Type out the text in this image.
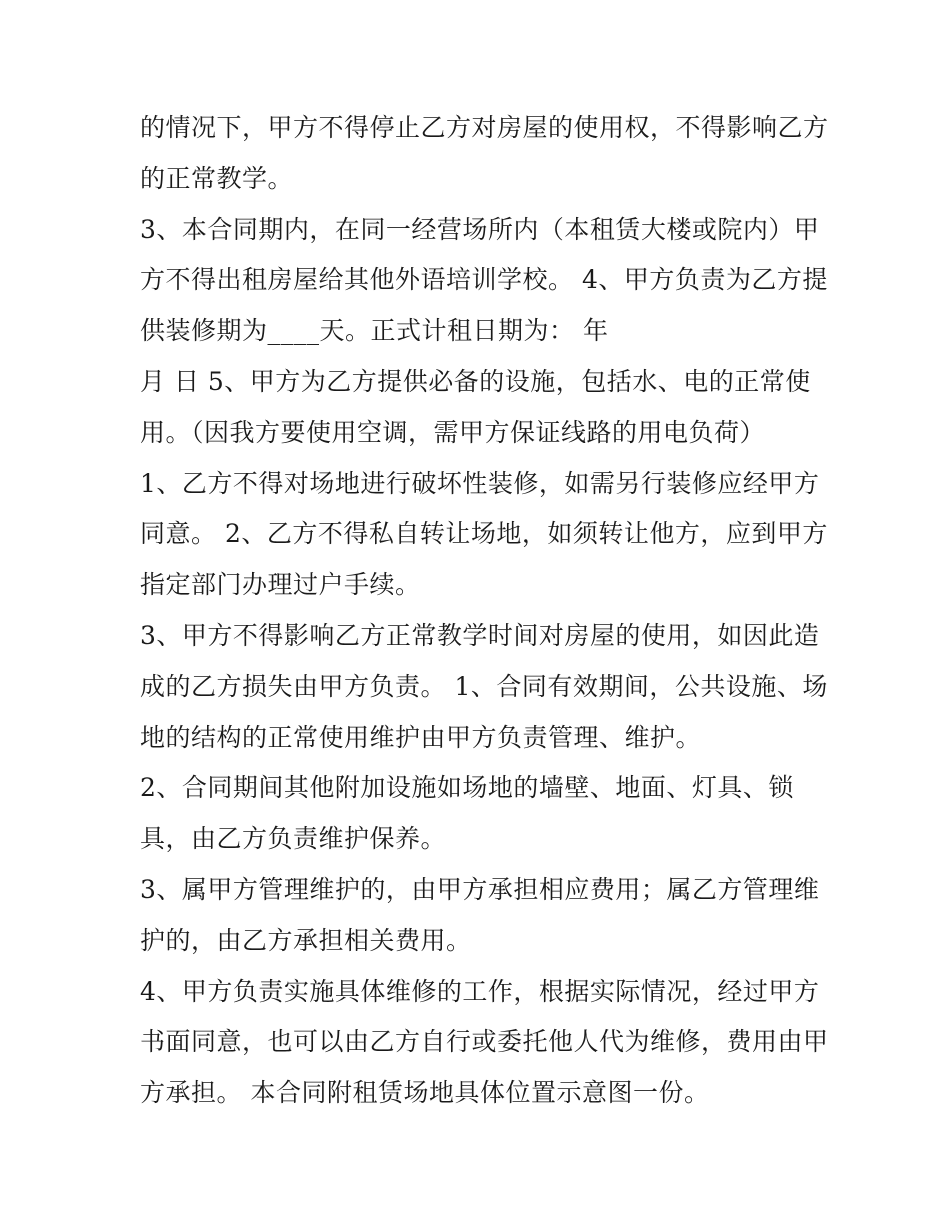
的情况下，甲方不得停止乙方对房屋的使用权，不得影响乙方
的正常教学。
3、本合同期内，在同一经营场所内（本租赁大楼或院内）甲
方不得出租房屋给其他外语培训学校。 4、甲方负责为乙方提
供装修期为____天。正式计租日期为： 年
月 日 5、甲方为乙方提供必备的设施，包括水、电的正常使
用。（因我方要使用空调，需甲方保证线路的用电负荷）
1、乙方不得对场地进行破坏性装修，如需另行装修应经甲方
同意。 2、乙方不得私自转让场地，如须转让他方，应到甲方
指定部门办理过户手续。
3、甲方不得影响乙方正常教学时间对房屋的使用，如因此造
成的乙方损失由甲方负责。 1、合同有效期间，公共设施、场
地的结构的正常使用维护由甲方负责管理、维护。
2、合同期间其他附加设施如场地的墙壁、地面、灯具、锁
具，由乙方负责维护保养。
3、属甲方管理维护的，由甲方承担相应费用；属乙方管理维
护的，由乙方承担相关费用。
4、甲方负责实施具体维修的工作，根据实际情况，经过甲方
书面同意，也可以由乙方自行或委托他人代为维修，费用由甲
方承担。 本合同附租赁场地具体位置示意图一份。
